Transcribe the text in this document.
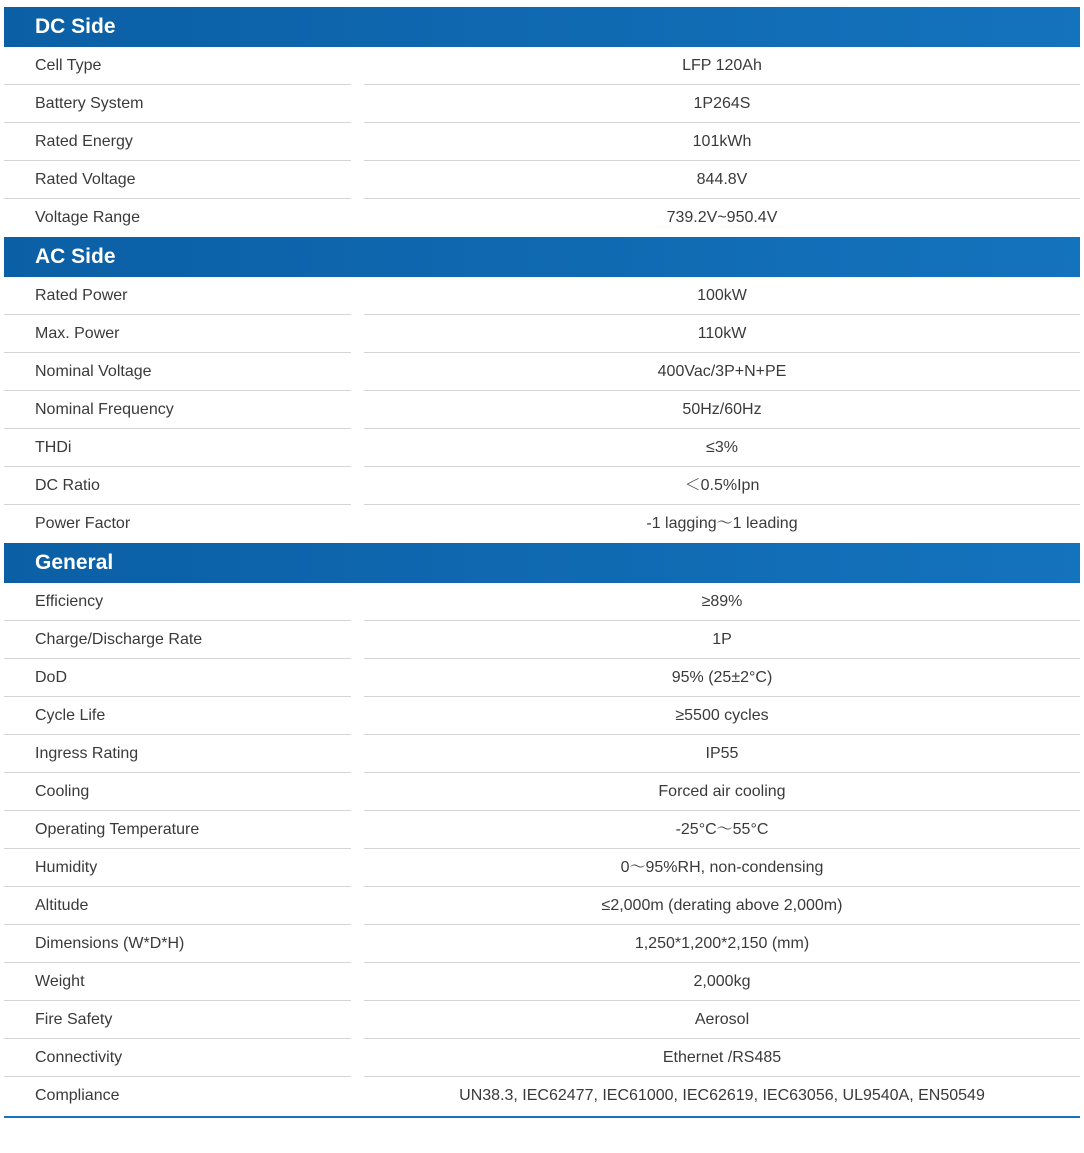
DC Side
Cell Type	LFP 120Ah
Battery System	1P264S
Rated Energy	101kWh
Rated Voltage	844.8V
Voltage Range	739.2V~950.4V
AC Side
Rated Power	100kW
Max. Power	110kW
Nominal Voltage	400Vac/3P+N+PE
Nominal Frequency	50Hz/60Hz
THDi	≤3%
DC Ratio	＜0.5%Ipn
Power Factor	-1 lagging～1 leading
General
Efficiency	≥89%
Charge/Discharge Rate	1P
DoD	95% (25±2°C)
Cycle Life	≥5500 cycles
Ingress Rating	IP55
Cooling	Forced air cooling
Operating Temperature	-25°C～55°C
Humidity	0～95%RH, non-condensing
Altitude	≤2,000m (derating above 2,000m)
Dimensions (W*D*H)	1,250*1,200*2,150 (mm)
Weight	2,000kg
Fire Safety	Aerosol
Connectivity	Ethernet /RS485
Compliance	UN38.3, IEC62477, IEC61000, IEC62619, IEC63056, UL9540A, EN50549
